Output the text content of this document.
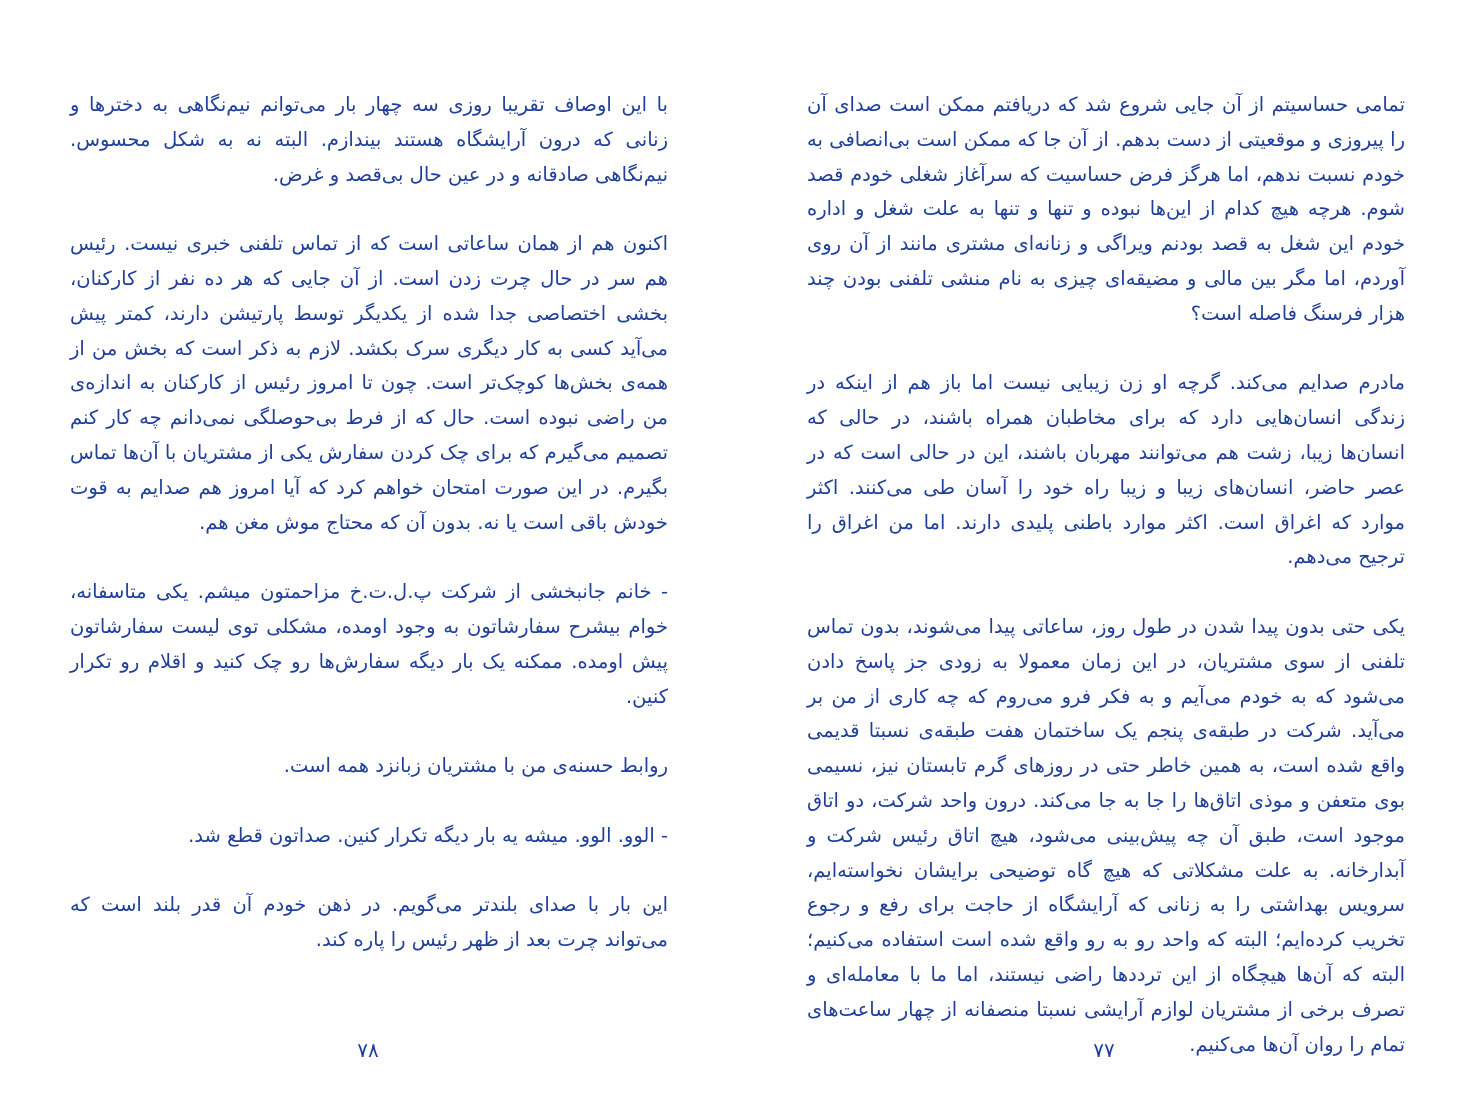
تمامی حساسیتم از آن جایی شروع شد که دریافتم ممکن است صدای آن را پیروزی و موقعیتی از دست بدهم. از آن جا که ممکن است بی‌انصافی به خودم نسبت ندهم، اما هرگز فرض حساسیت که سرآغاز شغلی خودم قصد شوم. هرچه هیچ کدام از این‌ها نبوده و تنها و تنها به علت شغل و اداره خودم این شغل به قصد بودنم ویراگی و زنانه‌ای مشتری مانند از آن روی آوردم، اما مگر بین مالی و مضیقه‌ای چیزی به نام منشی تلفنی بودن چند هزار فرسنگ فاصله است؟

مادرم صدایم می‌کند. گرچه او زن زیبایی نیست اما باز هم از اینکه در زندگی انسان‌هایی دارد که برای مخاطبان همراه باشند، در حالی که انسان‌ها زیبا، زشت هم می‌توانند مهربان باشند، این در حالی است که در عصر حاضر، انسان‌های زیبا و زیبا راه خود را آسان طی می‌کنند. اکثر موارد که اغراق است. اکثر موارد باطنی پلیدی دارند. اما من اغراق را ترجیح می‌دهم.

یکی حتی بدون پیدا شدن در طول روز، ساعاتی پیدا می‌شوند، بدون تماس تلفنی از سوی مشتریان، در این زمان معمولا به زودی جز پاسخ دادن می‌شود که به خودم می‌آیم و به فکر فرو می‌روم که چه کاری از من بر می‌آید. شرکت در طبقه‌ی پنجم یک ساختمان هفت طبقه‌ی نسبتا قدیمی واقع شده است، به همین خاطر حتی در روزهای گرم تابستان نیز، نسیمی بوی متعفن و موذی اتاق‌ها را جا به جا می‌کند. درون واحد شرکت، دو اتاق موجود است، طبق آن چه پیش‌بینی می‌شود، هیچ اتاق رئیس شرکت و آبدارخانه. به علت مشکلاتی که هیچ گاه توضیحی برایشان نخواسته‌ایم، سرویس بهداشتی را به زنانی که آرایشگاه از حاجت برای رفع و رجوع تخریب کرده‌ایم؛ البته که واحد رو به رو واقع شده است استفاده می‌کنیم؛ البته که آن‌ها هیچگاه از این ترددها راضی نیستند، اما ما با معامله‌ای و تصرف برخی از مشتریان لوازم آرایشی نسبتا منصفانه از چهار ساعت‌های تمام را روان آن‌ها می‌کنیم.

با این اوصاف تقریبا روزی سه چهار بار می‌توانم نیم‌نگاهی به دخترها و زنانی که درون آرایشگاه هستند بیندازم. البته نه به شکل محسوس. نیم‌نگاهی صادقانه و در عین حال بی‌قصد و غرض.

اکنون هم از همان ساعاتی است که از تماس تلفنی خبری نیست. رئیس هم سر در حال چرت زدن است. از آن جایی که هر ده نفر از کارکنان، بخشی اختصاصی جدا شده از یکدیگر توسط پارتیشن دارند، کمتر پیش می‌آید کسی به کار دیگری سرک بکشد. لازم به ذکر است که بخش من از همه‌ی بخش‌ها کوچک‌تر است. چون تا امروز رئیس از کارکنان به اندازه‌ی من راضی نبوده است. حال که از فرط بی‌حوصلگی نمی‌دانم چه کار کنم تصمیم می‌گیرم که برای چک کردن سفارش یکی از مشتریان با آن‌ها تماس بگیرم. در این صورت امتحان خواهم کرد که آیا امروز هم صدایم به قوت خودش باقی است یا نه. بدون آن که محتاج موش مغن هم.

- خانم جانبخشی از شرکت پ.ل.ت.خ مزاحمتون میشم. یکی متاسفانه، خوام بیشرح سفارشاتون به وجود اومده، مشکلی توی لیست سفارشاتون پیش اومده. ممکنه یک بار دیگه سفارش‌ها رو چک کنید و اقلام رو تکرار کنین.

روابط حسنه‌ی من با مشتریان زبانزد همه است.

- الوو. الوو. میشه یه بار دیگه تکرار کنین. صداتون قطع شد.

این بار با صدای بلندتر می‌گویم. در ذهن خودم آن قدر بلند است که می‌تواند چرت بعد از ظهر رئیس را پاره کند.

۷۸	۷۷
